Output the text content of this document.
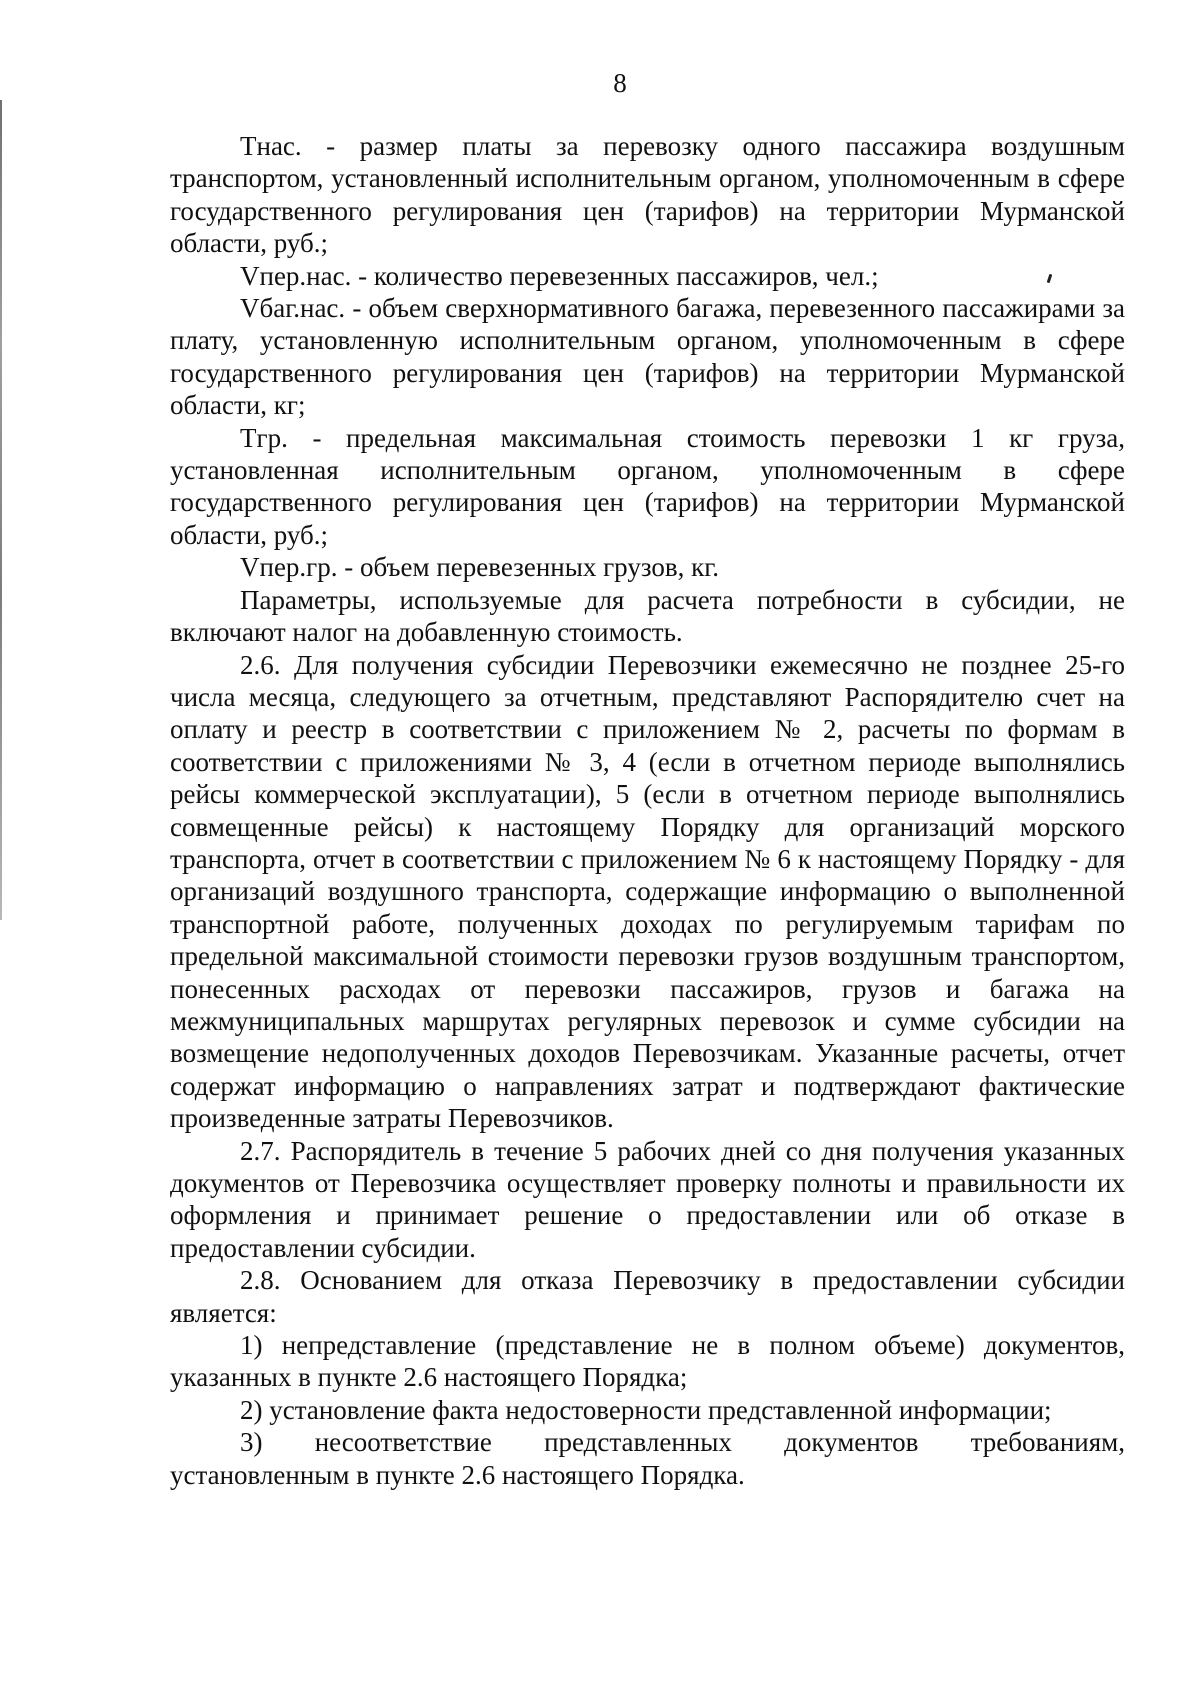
8

Тнас. - размер платы за перевозку одного пассажира воздушным транспортом, установленный исполнительным органом, уполномоченным в сфере государственного регулирования цен (тарифов) на территории Мурманской области, руб.;

Vпер.нас. - количество перевезенных пассажиров, чел.;

Vбаг.нас. - объем сверхнормативного багажа, перевезенного пассажирами за плату, установленную исполнительным органом, уполномоченным в сфере государственного регулирования цен (тарифов) на территории Мурманской области, кг;

Тгр. - предельная максимальная стоимость перевозки 1 кг груза, установленная исполнительным органом, уполномоченным в сфере государственного регулирования цен (тарифов) на территории Мурманской области, руб.;

Vпер.гр. - объем перевезенных грузов, кг.

Параметры, используемые для расчета потребности в субсидии, не включают налог на добавленную стоимость.

2.6. Для получения субсидии Перевозчики ежемесячно не позднее 25-го числа месяца, следующего за отчетным, представляют Распорядителю счет на оплату и реестр в соответствии с приложением № 2, расчеты по формам в соответствии с приложениями № 3, 4 (если в отчетном периоде выполнялись рейсы коммерческой эксплуатации), 5 (если в отчетном периоде выполнялись совмещенные рейсы) к настоящему Порядку для организаций морского транспорта, отчет в соответствии с приложением № 6 к настоящему Порядку - для организаций воздушного транспорта, содержащие информацию о выполненной транспортной работе, полученных доходах по регулируемым тарифам по предельной максимальной стоимости перевозки грузов воздушным транспортом, понесенных расходах от перевозки пассажиров, грузов и багажа на межмуниципальных маршрутах регулярных перевозок и сумме субсидии на возмещение недополученных доходов Перевозчикам. Указанные расчеты, отчет содержат информацию о направлениях затрат и подтверждают фактические произведенные затраты Перевозчиков.

2.7. Распорядитель в течение 5 рабочих дней со дня получения указанных документов от Перевозчика осуществляет проверку полноты и правильности их оформления и принимает решение о предоставлении или об отказе в предоставлении субсидии.

2.8. Основанием для отказа Перевозчику в предоставлении субсидии является:

1) непредставление (представление не в полном объеме) документов, указанных в пункте 2.6 настоящего Порядка;

2) установление факта недостоверности представленной информации;

3) несоответствие представленных документов требованиям, установленным в пункте 2.6 настоящего Порядка.
